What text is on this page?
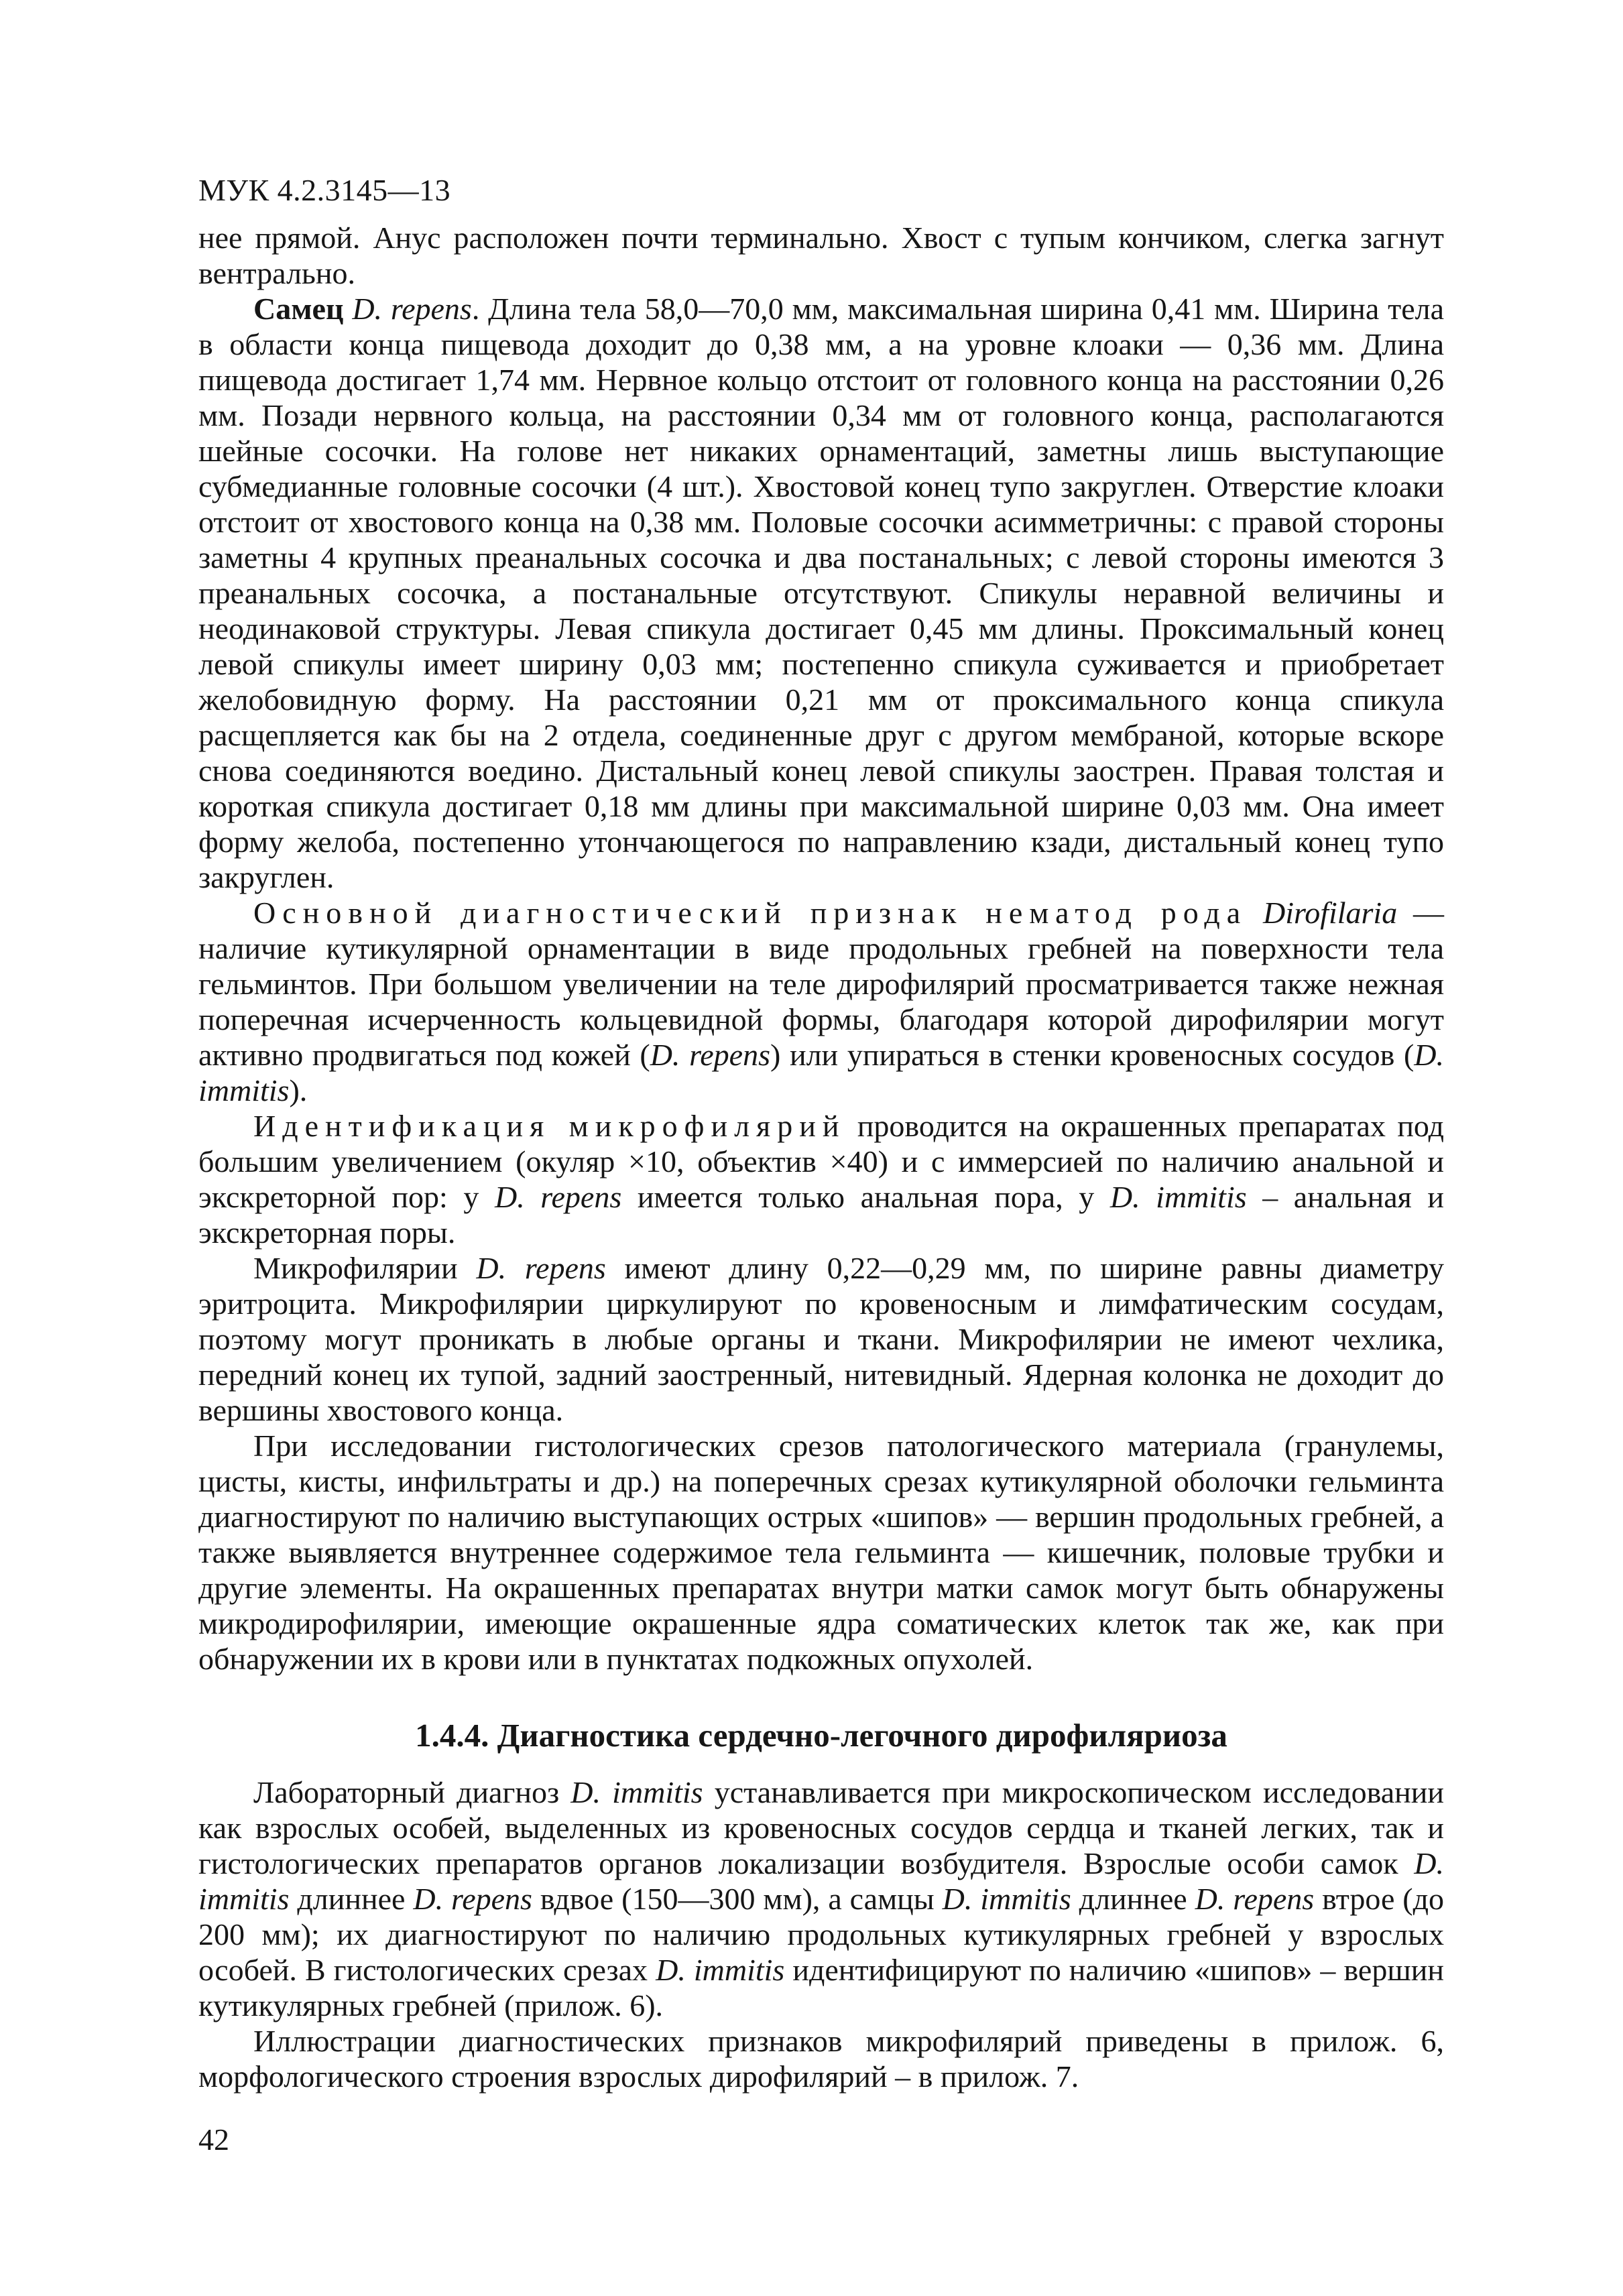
МУК 4.2.3145—13

нее прямой. Анус расположен почти терминально. Хвост с тупым кончиком, слегка загнут вентрально.

Самец D. repens. Длина тела 58,0—70,0 мм, максимальная ширина 0,41 мм. Ширина тела в области конца пищевода доходит до 0,38 мм, а на уровне клоаки — 0,36 мм. Длина пищевода достигает 1,74 мм. Нервное кольцо отстоит от головного конца на расстоянии 0,26 мм. Позади нервного кольца, на расстоянии 0,34 мм от головного конца, располагаются шейные сосочки. На голове нет никаких орнаментаций, заметны лишь выступающие субмедианные головные сосочки (4 шт.). Хвостовой конец тупо закруглен. Отверстие клоаки отстоит от хвостового конца на 0,38 мм. Половые сосочки асимметричны: с правой стороны заметны 4 крупных преанальных сосочка и два постанальных; с левой стороны имеются 3 преанальных сосочка, а постанальные отсутствуют. Спикулы неравной величины и неодинаковой структуры. Левая спикула достигает 0,45 мм длины. Проксимальный конец левой спикулы имеет ширину 0,03 мм; постепенно спикула суживается и приобретает желобовидную форму. На расстоянии 0,21 мм от проксимального конца спикула расщепляется как бы на 2 отдела, соединенные друг с другом мембраной, которые вскоре снова соединяются воедино. Дистальный конец левой спикулы заострен. Правая толстая и короткая спикула достигает 0,18 мм длины при максимальной ширине 0,03 мм. Она имеет форму желоба, постепенно утончающегося по направлению кзади, дистальный конец тупо закруглен.

Основной диагностический признак нематод рода Dirofilaria — наличие кутикулярной орнаментации в виде продольных гребней на поверхности тела гельминтов. При большом увеличении на теле дирофилярий просматривается также нежная поперечная исчерченность кольцевидной формы, благодаря которой дирофилярии могут активно продвигаться под кожей (D. repens) или упираться в стенки кровеносных сосудов (D. immitis).

Идентификация микрофилярий проводится на окрашенных препаратах под большим увеличением (окуляр ×10, объектив ×40) и с иммерсией по наличию анальной и экскреторной пор: у D. repens имеется только анальная пора, у D. immitis – анальная и экскреторная поры.

Микрофилярии D. repens имеют длину 0,22—0,29 мм, по ширине равны диаметру эритроцита. Микрофилярии циркулируют по кровеносным и лимфатическим сосудам, поэтому могут проникать в любые органы и ткани. Микрофилярии не имеют чехлика, передний конец их тупой, задний заостренный, нитевидный. Ядерная колонка не доходит до вершины хвостового конца.

При исследовании гистологических срезов патологического материала (гранулемы, цисты, кисты, инфильтраты и др.) на поперечных срезах кутикулярной оболочки гельминта диагностируют по наличию выступающих острых «шипов» — вершин продольных гребней, а также выявляется внутреннее содержимое тела гельминта — кишечник, половые трубки и другие элементы. На окрашенных препаратах внутри матки самок могут быть обнаружены микродирофилярии, имеющие окрашенные ядра соматических клеток так же, как при обнаружении их в крови или в пунктатах подкожных опухолей.

1.4.4. Диагностика сердечно-легочного дирофиляриоза

Лабораторный диагноз D. immitis устанавливается при микроскопическом исследовании как взрослых особей, выделенных из кровеносных сосудов сердца и тканей легких, так и гистологических препаратов органов локализации возбудителя. Взрослые особи самок D. immitis длиннее D. repens вдвое (150—300 мм), а самцы D. immitis длиннее D. repens втрое (до 200 мм); их диагностируют по наличию продольных кутикулярных гребней у взрослых особей. В гистологических срезах D. immitis идентифицируют по наличию «шипов» – вершин кутикулярных гребней (прилож. 6).

Иллюстрации диагностических признаков микрофилярий приведены в прилож. 6, морфологического строения взрослых дирофилярий – в прилож. 7.

42
